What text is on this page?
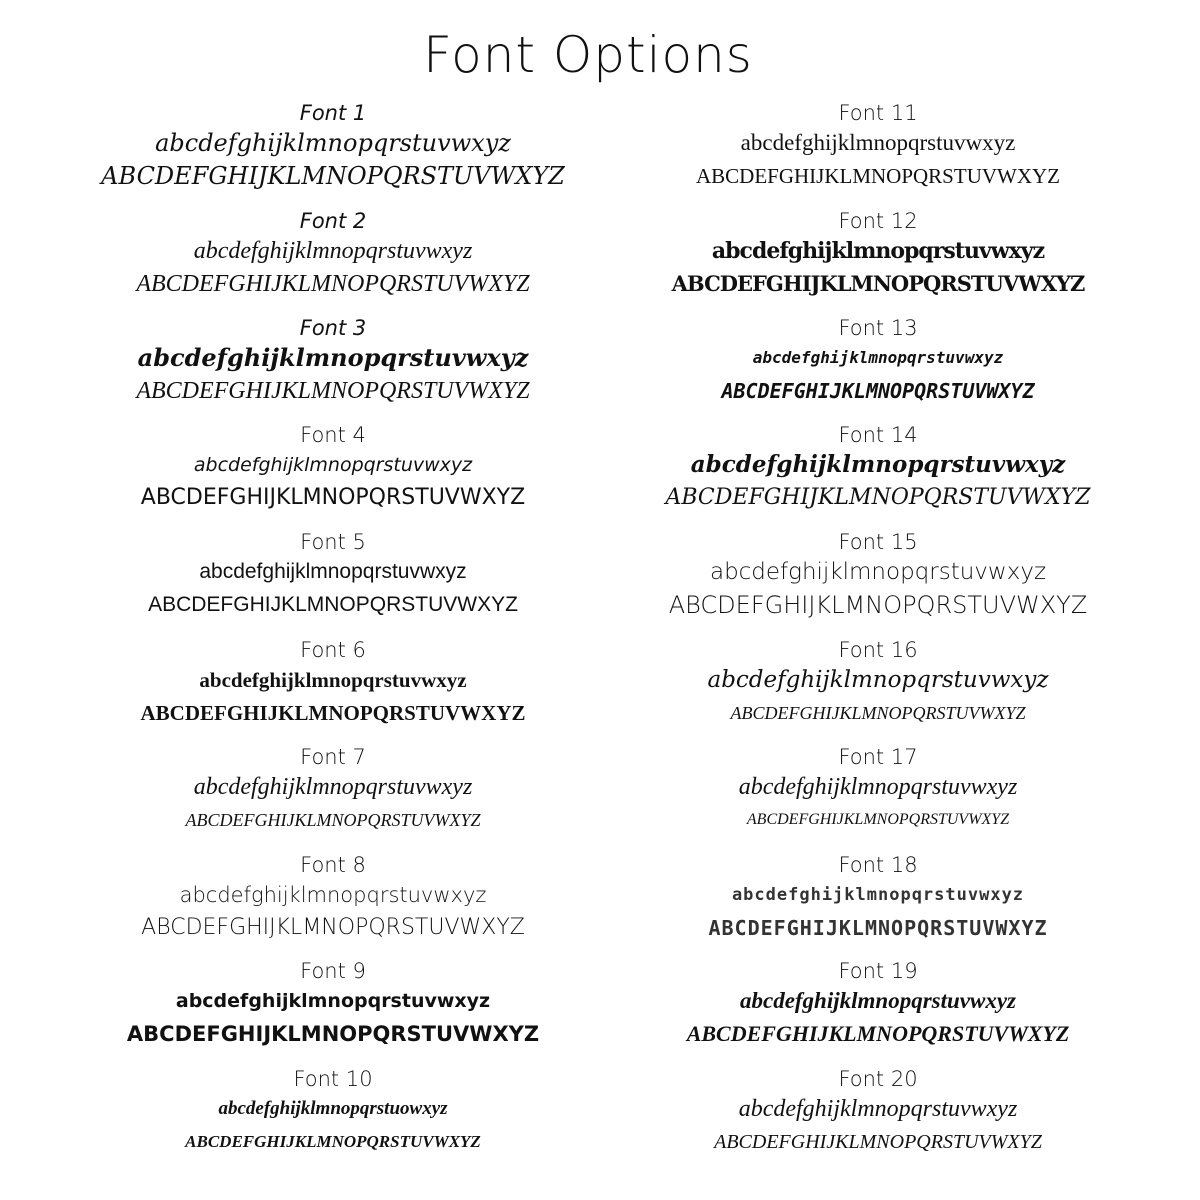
Font Options
Font 1
abcdefghijklmnopqrstuvwxyz
ABCDEFGHIJKLMNOPQRSTUVWXYZ
Font 2
abcdefghijklmnopqrstuvwxyz
ABCDEFGHIJKLMNOPQRSTUVWXYZ
Font 3
abcdefghijklmnopqrstuvwxyz
ABCDEFGHIJKLMNOPQRSTUVWXYZ
Font 4
abcdefghijklmnopqrstuvwxyz
ABCDEFGHIJKLMNOPQRSTUVWXYZ
Font 5
abcdefghijklmnopqrstuvwxyz
ABCDEFGHIJKLMNOPQRSTUVWXYZ
Font 6
abcdefghijklmnopqrstuvwxyz
ABCDEFGHIJKLMNOPQRSTUVWXYZ
Font 7
abcdefghijklmnopqrstuvwxyz
ABCDEFGHIJKLMNOPQRSTUVWXYZ
Font 8
abcdefghijklmnopqrstuvwxyz
ABCDEFGHIJKLMNOPQRSTUVWXYZ
Font 9
abcdefghijklmnopqrstuvwxyz
ABCDEFGHIJKLMNOPQRSTUVWXYZ
Font 10
abcdefghijklmnopqrstuowxyz
ABCDEFGHIJKLMNOPQRSTUVWXYZ
Font 11
abcdefghijklmnopqrstuvwxyz
ABCDEFGHIJKLMNOPQRSTUVWXYZ
Font 12
abcdefghijklmnopqrstuvwxyz
ABCDEFGHIJKLMNOPQRSTUVWXYZ
Font 13
abcdefghijklmnopqrstuvwxyz
ABCDEFGHIJKLMNOPQRSTUVWXYZ
Font 14
abcdefghijklmnopqrstuvwxyz
ABCDEFGHIJKLMNOPQRSTUVWXYZ
Font 15
abcdefghijklmnopqrstuvwxyz
ABCDEFGHIJKLMNOPQRSTUVWXYZ
Font 16
abcdefghijklmnopqrstuvwxyz
ABCDEFGHIJKLMNOPQRSTUVWXYZ
Font 17
abcdefghijklmnopqrstuvwxyz
ABCDEFGHIJKLMNOPQRSTUVWXYZ
Font 18
abcdefghijklmnopqrstuvwxyz
ABCDEFGHIJKLMNOPQRSTUVWXYZ
Font 19
abcdefghijklmnopqrstuvwxyz
ABCDEFGHIJKLMNOPQRSTUVWXYZ
Font 20
abcdefghijklmnopqrstuvwxyz
ABCDEFGHIJKLMNOPQRSTUVWXYZ
